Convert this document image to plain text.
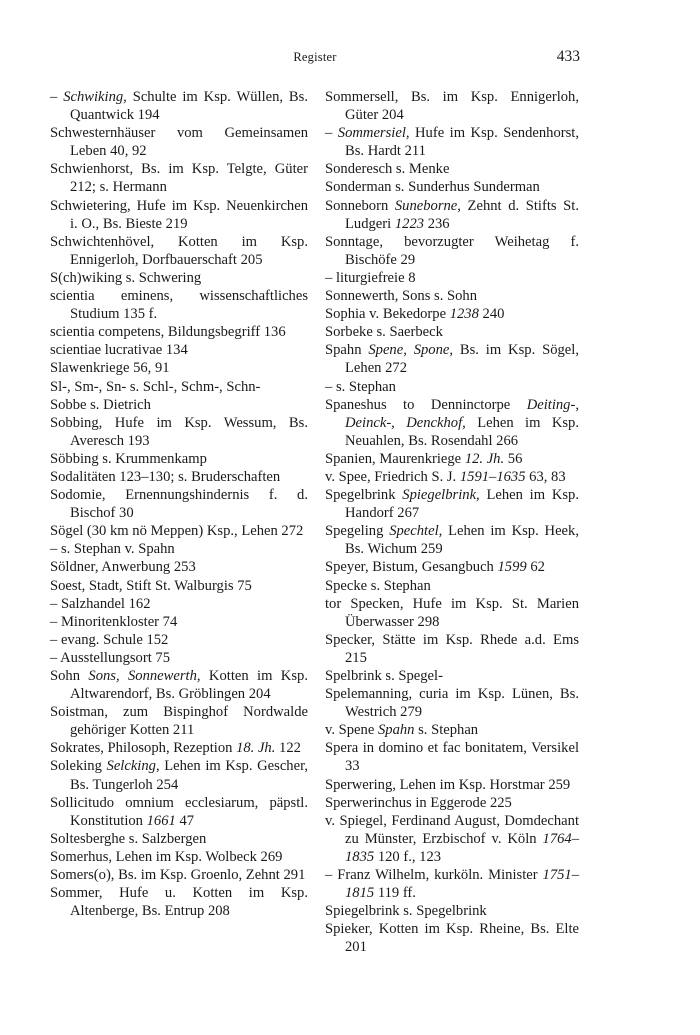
Register	433
– Schwiking, Schulte im Ksp. Wüllen, Bs. Quantwick 194
Schwesternhäuser vom Gemeinsamen Leben 40, 92
Schwienhorst, Bs. im Ksp. Telgte, Güter 212; s. Hermann
Schwietering, Hufe im Ksp. Neuenkirchen i. O., Bs. Bieste 219
Schwichtenhövel, Kotten im Ksp. Ennigerloh, Dorfbauerschaft 205
S(ch)wiking s. Schwering
scientia eminens, wissenschaftliches Studium 135 f.
scientia competens, Bildungsbegriff 136
scientiae lucrativae 134
Slawenkriege 56, 91
Sl-, Sm-, Sn- s. Schl-, Schm-, Schn-
Sobbe s. Dietrich
Sobbing, Hufe im Ksp. Wessum, Bs. Averesch 193
Söbbing s. Krummenkamp
Sodalitäten 123–130; s. Bruderschaften
Sodomie, Ernennungshindernis f. d. Bischof 30
Sögel (30 km nö Meppen) Ksp., Lehen 272
– s. Stephan v. Spahn
Söldner, Anwerbung 253
Soest, Stadt, Stift St. Walburgis 75
– Salzhandel 162
– Minoritenkloster 74
– evang. Schule 152
– Ausstellungsort 75
Sohn Sons, Sonnewerth, Kotten im Ksp. Altwarendorf, Bs. Gröblingen 204
Soistman, zum Bispinghof Nordwalde gehöriger Kotten 211
Sokrates, Philosoph, Rezeption 18. Jh. 122
Soleking Selcking, Lehen im Ksp. Gescher, Bs. Tungerloh 254
Sollicitudo omnium ecclesiarum, päpstl. Konstitution 1661 47
Soltesberghe s. Salzbergen
Somerhus, Lehen im Ksp. Wolbeck 269
Somers(o), Bs. im Ksp. Groenlo, Zehnt 291
Sommer, Hufe u. Kotten im Ksp. Altenberge, Bs. Entrup 208
Sommersell, Bs. im Ksp. Ennigerloh, Güter 204
– Sommersiel, Hufe im Ksp. Sendenhorst, Bs. Hardt 211
Sonderesch s. Menke
Sonderman s. Sunderhus Sunderman
Sonneborn Suneborne, Zehnt d. Stifts St. Ludgeri 1223 236
Sonntage, bevorzugter Weihetag f. Bischöfe 29
– liturgiefreie 8
Sonnewerth, Sons s. Sohn
Sophia v. Bekedorpe 1238 240
Sorbeke s. Saerbeck
Spahn Spene, Spone, Bs. im Ksp. Sögel, Lehen 272
– s. Stephan
Spaneshus to Denninctorpe Deiting-, Deinck-, Denckhof, Lehen im Ksp. Neuahlen, Bs. Rosendahl 266
Spanien, Maurenkriege 12. Jh. 56
v. Spee, Friedrich S. J. 1591–1635 63, 83
Spegelbrink Spiegelbrink, Lehen im Ksp. Handorf 267
Spegeling Spechtel, Lehen im Ksp. Heek, Bs. Wichum 259
Speyer, Bistum, Gesangbuch 1599 62
Specke s. Stephan
tor Specken, Hufe im Ksp. St. Marien Überwasser 298
Specker, Stätte im Ksp. Rhede a.d. Ems 215
Spelbrink s. Spegel-
Spelemanning, curia im Ksp. Lünen, Bs. Westrich 279
v. Spene Spahn s. Stephan
Spera in domino et fac bonitatem, Versikel 33
Sperwering, Lehen im Ksp. Horstmar 259
Sperwerinchus in Eggerode 225
v. Spiegel, Ferdinand August, Domdechant zu Münster, Erzbischof v. Köln 1764–1835 120 f., 123
– Franz Wilhelm, kurköln. Minister 1751–1815 119 ff.
Spiegelbrink s. Spegelbrink
Spieker, Kotten im Ksp. Rheine, Bs. Elte 201
